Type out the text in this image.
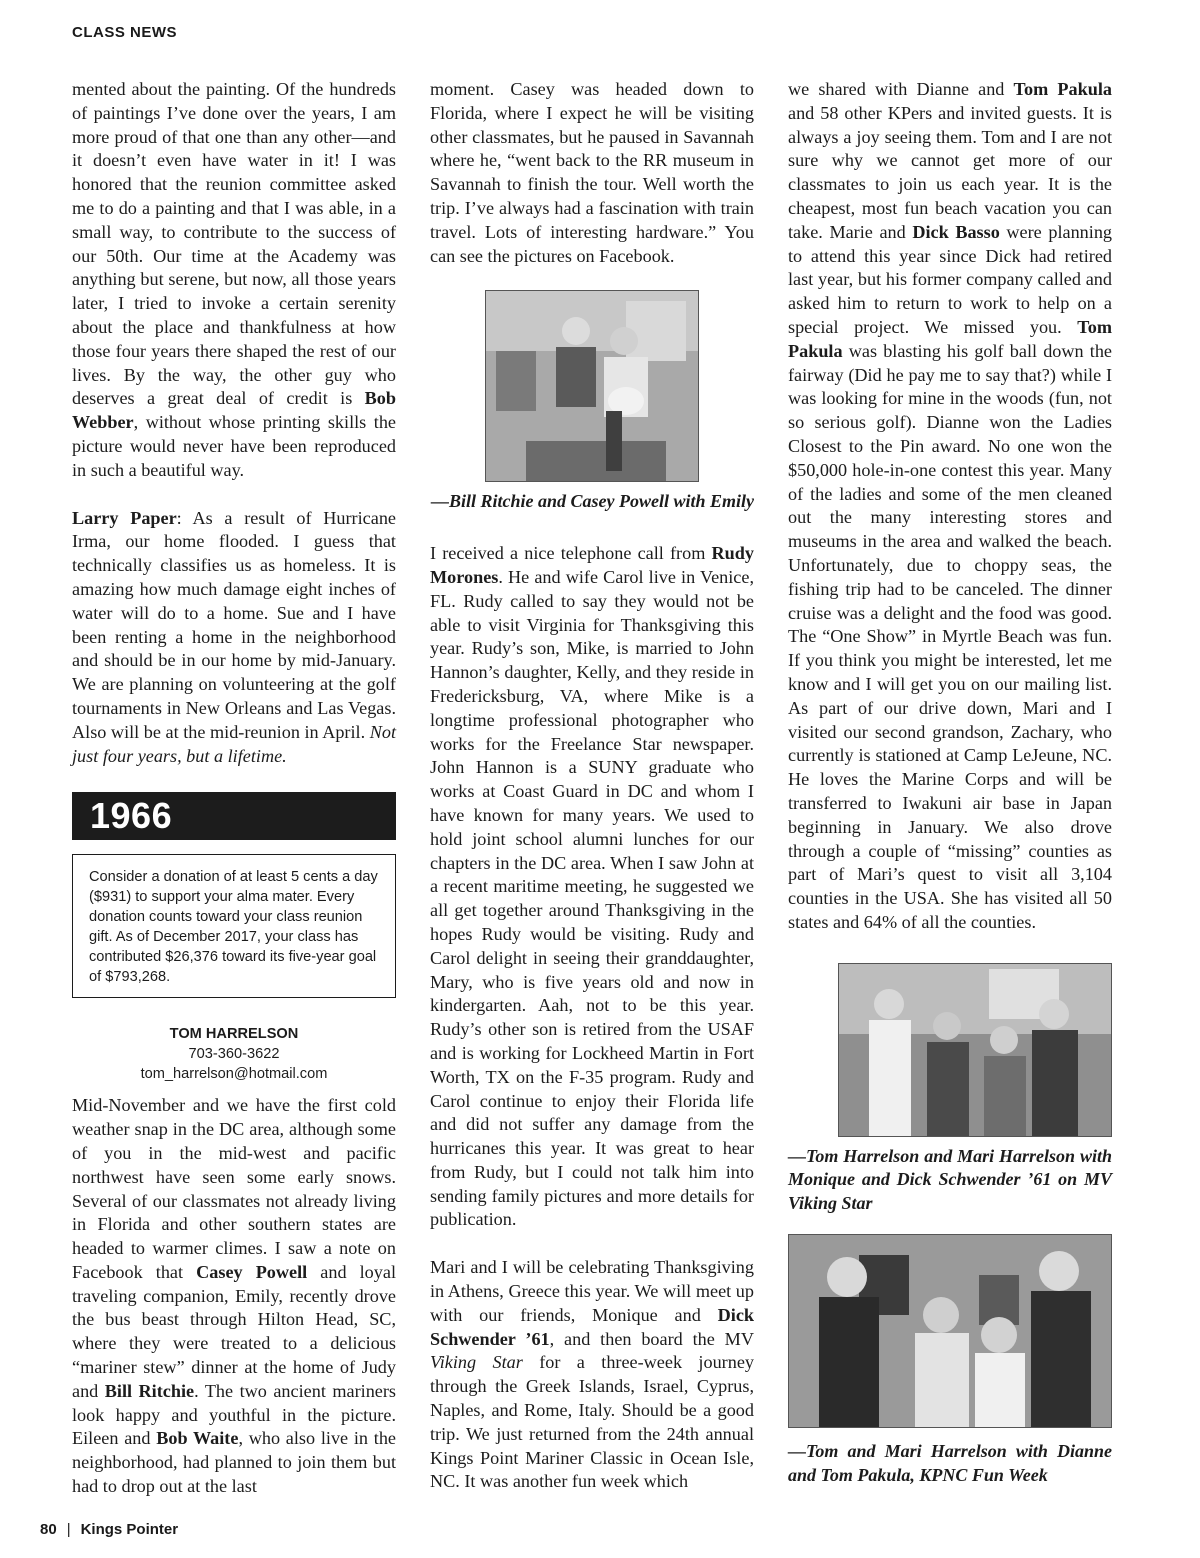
CLASS NEWS

mented about the painting. Of the hundreds of paintings I’ve done over the years, I am more proud of that one than any other—and it doesn’t even have water in it! I was honored that the reunion committee asked me to do a painting and that I was able, in a small way, to contribute to the success of our 50th. Our time at the Academy was anything but serene, but now, all those years later, I tried to invoke a certain serenity about the place and thankfulness at how those four years there shaped the rest of our lives. By the way, the other guy who deserves a great deal of credit is Bob Webber, without whose printing skills the picture would never have been reproduced in such a beautiful way.

Larry Paper: As a result of Hurricane Irma, our home flooded. I guess that technically classifies us as homeless. It is amazing how much damage eight inches of water will do to a home. Sue and I have been renting a home in the neighborhood and should be in our home by mid-January. We are planning on volunteering at the golf tournaments in New Orleans and Las Vegas. Also will be at the mid-reunion in April. Not just four years, but a lifetime.

1966
Consider a donation of at least 5 cents a day ($931) to support your alma mater. Every donation counts toward your class reunion gift. As of December 2017, your class has contributed $26,376 toward its five-year goal of $793,268.
TOM HARRELSON
703-360-3622
tom_harrelson@hotmail.com

Mid-November and we have the first cold weather snap in the DC area, although some of you in the mid-west and pacific northwest have seen some early snows. Several of our classmates not already living in Florida and other southern states are headed to warmer climes. I saw a note on Facebook that Casey Powell and loyal traveling companion, Emily, recently drove the bus beast through Hilton Head, SC, where they were treated to a delicious “mariner stew” dinner at the home of Judy and Bill Ritchie. The two ancient mariners look happy and youthful in the picture. Eileen and Bob Waite, who also live in the neighborhood, had planned to join them but had to drop out at the last

moment. Casey was headed down to Florida, where I expect he will be visiting other classmates, but he paused in Savannah where he, “went back to the RR museum in Savannah to finish the tour. Well worth the trip. I’ve always had a fascination with train travel. Lots of interesting hardware.” You can see the pictures on Facebook.

—Bill Ritchie and Casey Powell with Emily

I received a nice telephone call from Rudy Morones. He and wife Carol live in Venice, FL. Rudy called to say they would not be able to visit Virginia for Thanksgiving this year. Rudy’s son, Mike, is married to John Hannon’s daughter, Kelly, and they reside in Fredericksburg, VA, where Mike is a longtime professional photographer who works for the Freelance Star newspaper. John Hannon is a SUNY graduate who works at Coast Guard in DC and whom I have known for many years. We used to hold joint school alumni lunches for our chapters in the DC area. When I saw John at a recent maritime meeting, he suggested we all get together around Thanksgiving in the hopes Rudy would be visiting. Rudy and Carol delight in seeing their granddaughter, Mary, who is five years old and now in kindergarten. Aah, not to be this year. Rudy’s other son is retired from the USAF and is working for Lockheed Martin in Fort Worth, TX on the F-35 program. Rudy and Carol continue to enjoy their Florida life and did not suffer any damage from the hurricanes this year. It was great to hear from Rudy, but I could not talk him into sending family pictures and more details for publication.

Mari and I will be celebrating Thanksgiving in Athens, Greece this year. We will meet up with our friends, Monique and Dick Schwender ’61, and then board the MV Viking Star for a three-week journey through the Greek Islands, Israel, Cyprus, Naples, and Rome, Italy. Should be a good trip. We just returned from the 24th annual Kings Point Mariner Classic in Ocean Isle, NC. It was another fun week which

we shared with Dianne and Tom Pakula and 58 other KPers and invited guests. It is always a joy seeing them. Tom and I are not sure why we cannot get more of our classmates to join us each year. It is the cheapest, most fun beach vacation you can take. Marie and Dick Basso were planning to attend this year since Dick had retired last year, but his former company called and asked him to return to work to help on a special project. We missed you. Tom Pakula was blasting his golf ball down the fairway (Did he pay me to say that?) while I was looking for mine in the woods (fun, not so serious golf). Dianne won the Ladies Closest to the Pin award. No one won the $50,000 hole-in-one contest this year. Many of the ladies and some of the men cleaned out the many interesting stores and museums in the area and walked the beach. Unfortunately, due to choppy seas, the fishing trip had to be canceled. The dinner cruise was a delight and the food was good. The “One Show” in Myrtle Beach was fun. If you think you might be interested, let me know and I will get you on our mailing list. As part of our drive down, Mari and I visited our second grandson, Zachary, who currently is stationed at Camp LeJeune, NC. He loves the Marine Corps and will be transferred to Iwakuni air base in Japan beginning in January. We also drove through a couple of “missing” counties as part of Mari’s quest to visit all 3,104 counties in the USA. She has visited all 50 states and 64% of all the counties.

—Tom Harrelson and Mari Harrelson with Monique and Dick Schwender ’61 on MV Viking Star
—Tom and Mari Harrelson with Dianne and Tom Pakula, KPNC Fun Week
80 | Kings Pointer
